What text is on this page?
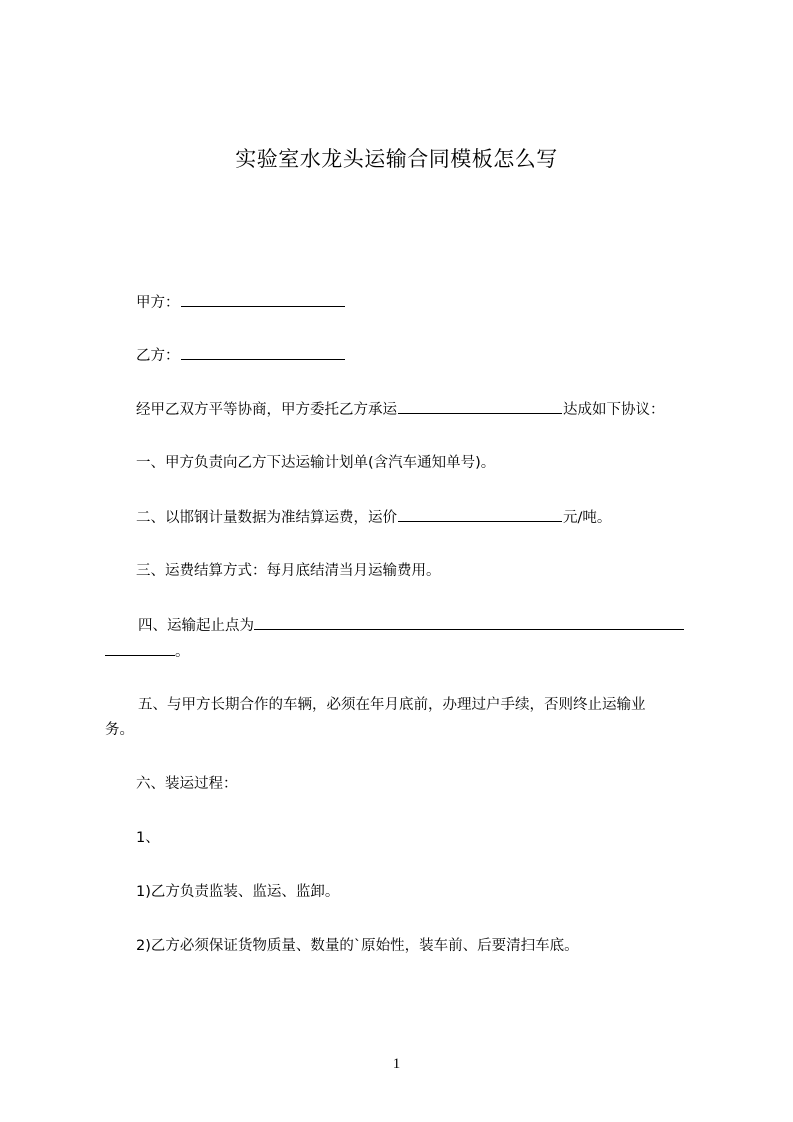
实验室水龙头运输合同模板怎么写
甲方：
乙方：
经甲乙双方平等协商，甲方委托乙方承运	达成如下协议：
一、甲方负责向乙方下达运输计划单(含汽车通知单号)。
二、以邯钢计量数据为准结算运费，运价	元/吨。
三、运费结算方式：每月底结清当月运输费用。
四、运输起止点为
。
五、与甲方长期合作的车辆，必须在年月底前，办理过户手续，否则终止运输业
务。
六、装运过程：
1、
1)乙方负责监装、监运、监卸。
2)乙方必须保证货物质量、数量的`原始性，装车前、后要清扫车底。
1
